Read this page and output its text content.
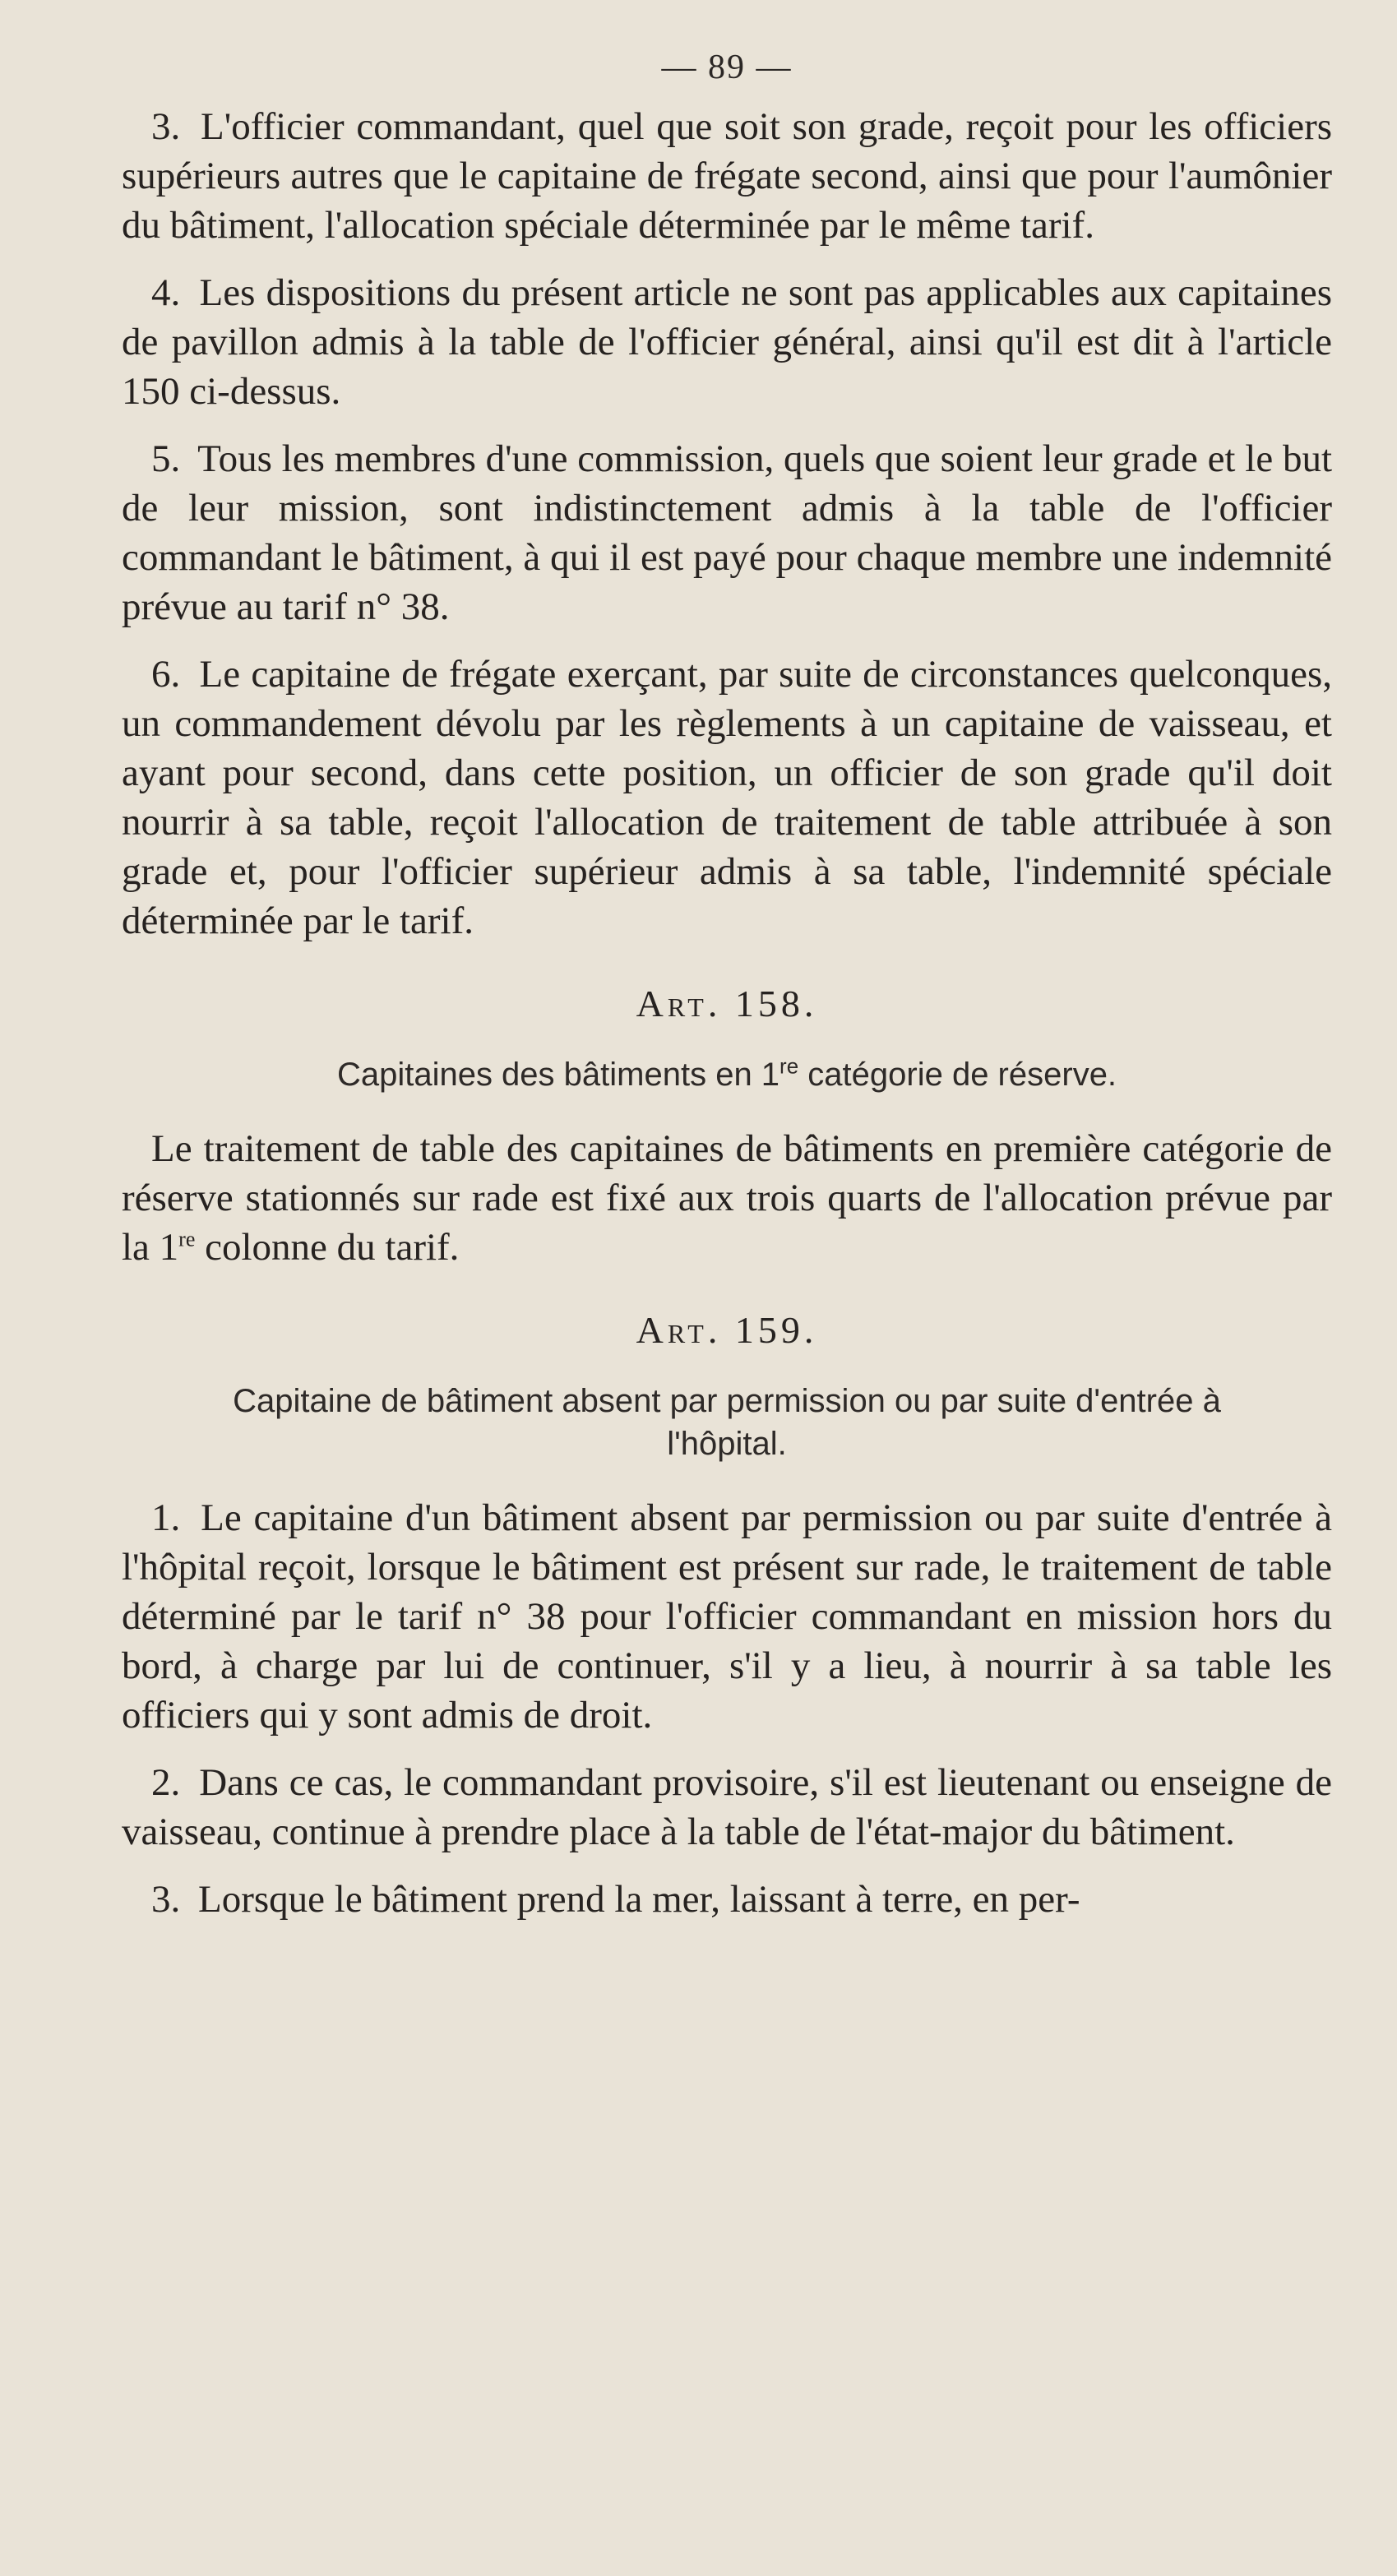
— 89 —

3. L'officier commandant, quel que soit son grade, reçoit pour les officiers supérieurs autres que le capitaine de frégate second, ainsi que pour l'aumônier du bâtiment, l'allocation spéciale déterminée par le même tarif.

4. Les dispositions du présent article ne sont pas applicables aux capitaines de pavillon admis à la table de l'officier général, ainsi qu'il est dit à l'article 150 ci-dessus.

5. Tous les membres d'une commission, quels que soient leur grade et le but de leur mission, sont indistinctement admis à la table de l'officier commandant le bâtiment, à qui il est payé pour chaque membre une indemnité prévue au tarif n° 38.

6. Le capitaine de frégate exerçant, par suite de circonstances quelconques, un commandement dévolu par les règlements à un capitaine de vaisseau, et ayant pour second, dans cette position, un officier de son grade qu'il doit nourrir à sa table, reçoit l'allocation de traitement de table attribuée à son grade et, pour l'officier supérieur admis à sa table, l'indemnité spéciale déterminée par le tarif.

Art. 158.
Capitaines des bâtiments en 1re catégorie de réserve.

Le traitement de table des capitaines de bâtiments en première catégorie de réserve stationnés sur rade est fixé aux trois quarts de l'allocation prévue par la 1re colonne du tarif.

Art. 159.
Capitaine de bâtiment absent par permission ou par suite d'entrée à l'hôpital.

1. Le capitaine d'un bâtiment absent par permission ou par suite d'entrée à l'hôpital reçoit, lorsque le bâtiment est présent sur rade, le traitement de table déterminé par le tarif n° 38 pour l'officier commandant en mission hors du bord, à charge par lui de continuer, s'il y a lieu, à nourrir à sa table les officiers qui y sont admis de droit.

2. Dans ce cas, le commandant provisoire, s'il est lieutenant ou enseigne de vaisseau, continue à prendre place à la table de l'état-major du bâtiment.

3. Lorsque le bâtiment prend la mer, laissant à terre, en per-
